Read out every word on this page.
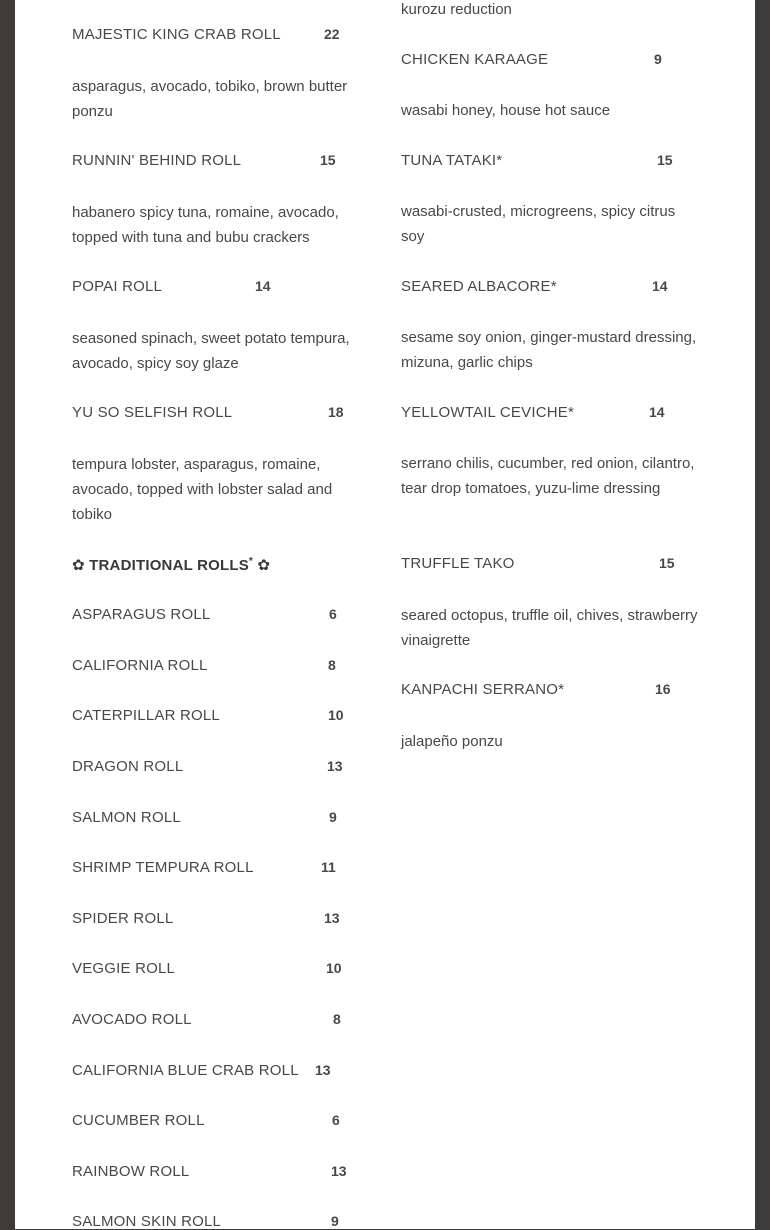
MAJESTIC KING CRAB ROLL	22
asparagus, avocado, tobiko, brown butter ponzu
RUNNIN' BEHIND ROLL	15
habanero spicy tuna, romaine, avocado, topped with tuna and bubu crackers
POPAI ROLL	14
seasoned spinach, sweet potato tempura, avocado, spicy soy glaze
YU SO SELFISH ROLL	18
tempura lobster, asparagus, romaine, avocado, topped with lobster salad and tobiko
✿ TRADITIONAL ROLLS* ✿
ASPARAGUS ROLL	6
CALIFORNIA ROLL	8
CATERPILLAR ROLL	10
DRAGON ROLL	13
SALMON ROLL	9
SHRIMP TEMPURA ROLL	11
SPIDER ROLL	13
VEGGIE ROLL	10
AVOCADO ROLL	8
CALIFORNIA BLUE CRAB ROLL 13
CUCUMBER ROLL	6
RAINBOW ROLL	13
SALMON SKIN ROLL	9
kurozu reduction
CHICKEN KARAAGE	9
wasabi honey, house hot sauce
TUNA TATAKI*	15
wasabi-crusted, microgreens, spicy citrus soy
SEARED ALBACORE*	14
sesame soy onion, ginger-mustard dressing, mizuna, garlic chips
YELLOWTAIL CEVICHE*	14
serrano chilis, cucumber, red onion, cilantro, tear drop tomatoes, yuzu-lime dressing
TRUFFLE TAKO	15
seared octopus, truffle oil, chives, strawberry vinaigrette
KANPACHI SERRANO*	16
jalapeño ponzu
